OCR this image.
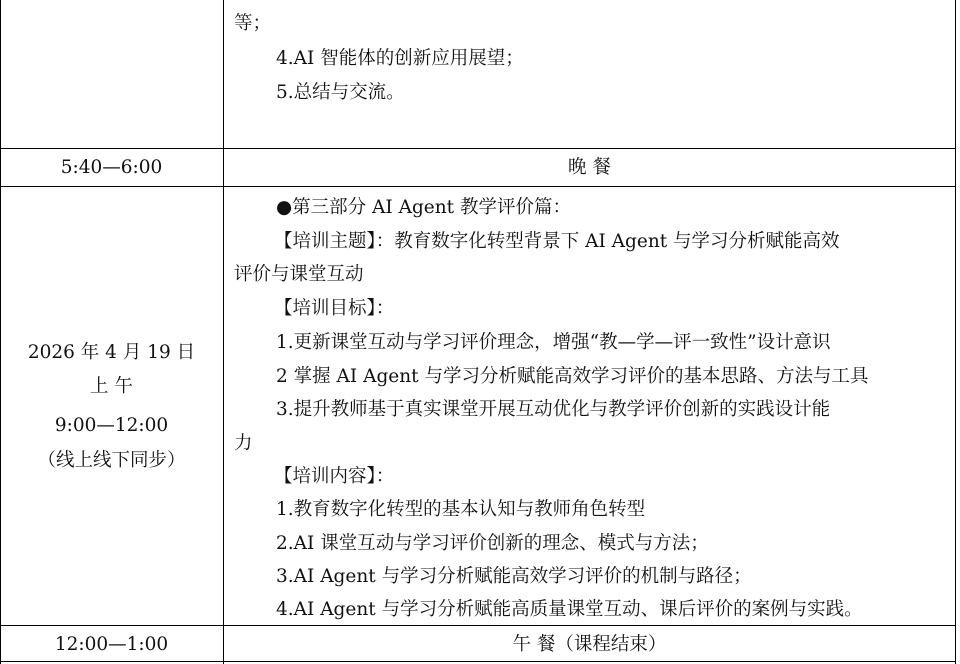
等；
4.AI 智能体的创新应用展望；
5.总结与交流。
5:40—6:00	晚 餐
2026 年 4 月 19 日
上 午
9:00—12:00
（线上线下同步）
●第三部分 AI Agent 教学评价篇：
【培训主题】：教育数字化转型背景下 AI Agent 与学习分析赋能高效
评价与课堂互动
【培训目标】：
1.更新课堂互动与学习评价理念，增强“教—学—评一致性”设计意识
2 掌握 AI Agent 与学习分析赋能高效学习评价的基本思路、方法与工具
3.提升教师基于真实课堂开展互动优化与教学评价创新的实践设计能
力
【培训内容】：
1.教育数字化转型的基本认知与教师角色转型
2.AI 课堂互动与学习评价创新的理念、模式与方法；
3.AI Agent 与学习分析赋能高效学习评价的机制与路径；
4.AI Agent 与学习分析赋能高质量课堂互动、课后评价的案例与实践。
12:00—1:00	午 餐（课程结束）
